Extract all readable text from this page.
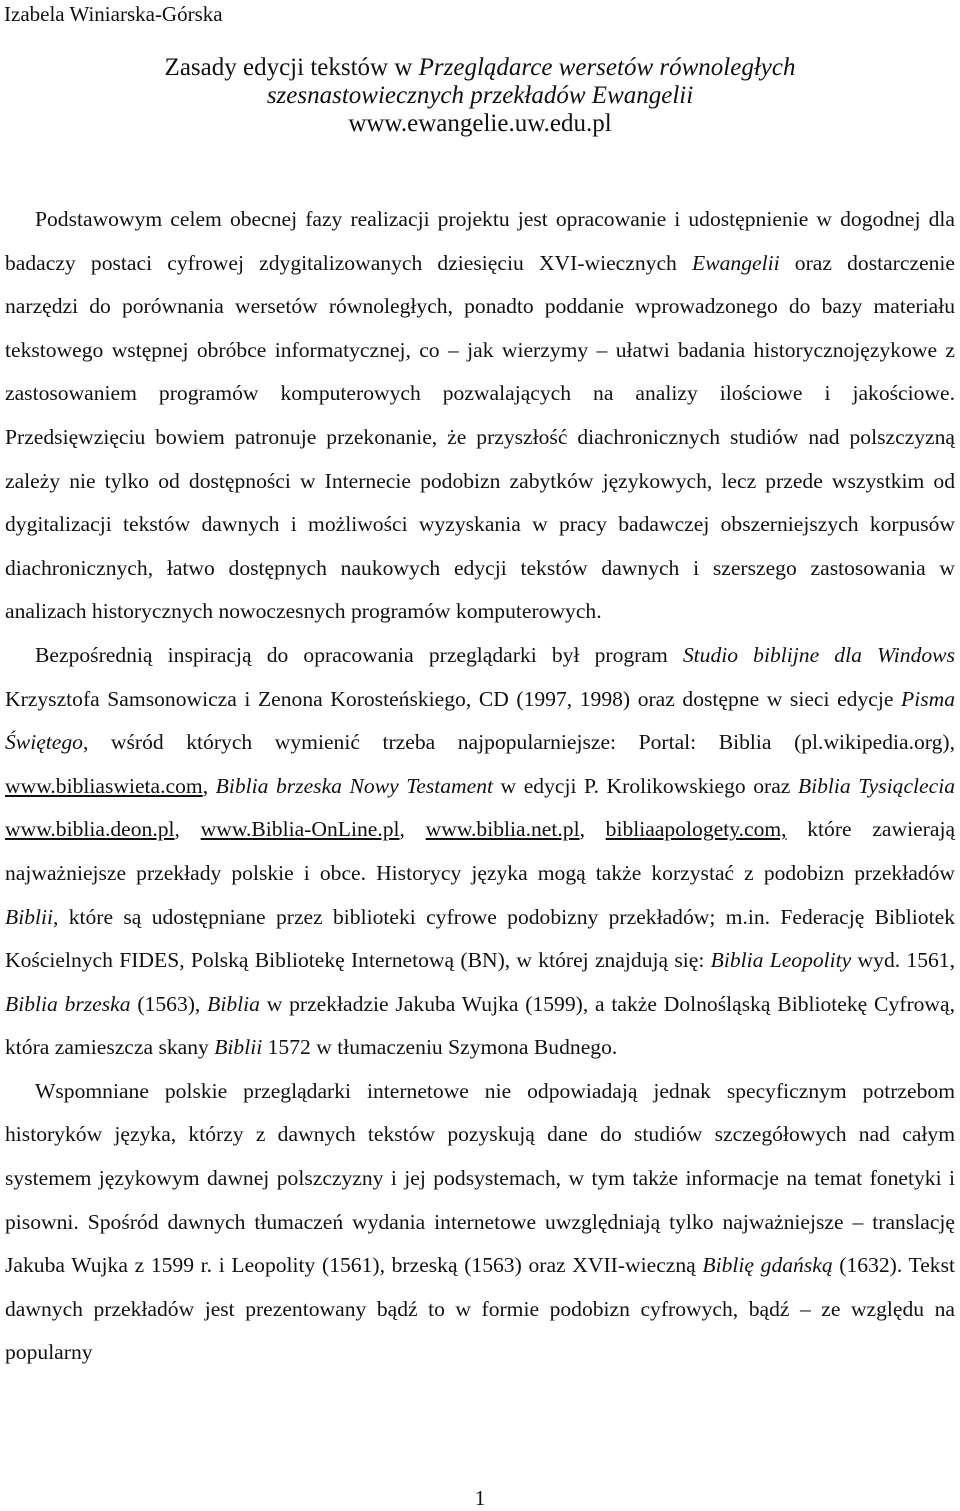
Izabela Winiarska-Górska

Zasady edycji tekstów w Przeglądarce wersetów równoległych

szesnastowiecznych przekładów Ewangelii

www.ewangelie.uw.edu.pl

Podstawowym celem obecnej fazy realizacji projektu jest opracowanie i udostępnienie w dogodnej dla badaczy postaci cyfrowej zdygitalizowanych dziesięciu XVI-wiecznych Ewangelii oraz dostarczenie narzędzi do porównania wersetów równoległych, ponadto poddanie wprowadzonego do bazy materiału tekstowego wstępnej obróbce informatycznej, co – jak wierzymy – ułatwi badania historycznojęzykowe z zastosowaniem programów komputerowych pozwalających na analizy ilościowe i jakościowe. Przedsięwzięciu bowiem patronuje przekonanie, że przyszłość diachronicznych studiów nad polszczyzną zależy nie tylko od dostępności w Internecie podobizn zabytków językowych, lecz przede wszystkim od dygitalizacji tekstów dawnych i możliwości wyzyskania w pracy badawczej obszerniejszych korpusów diachronicznych, łatwo dostępnych naukowych edycji tekstów dawnych i szerszego zastosowania w analizach historycznych nowoczesnych programów komputerowych.

Bezpośrednią inspiracją do opracowania przeglądarki był program Studio biblijne dla Windows Krzysztofa Samsonowicza i Zenona Korosteńskiego, CD (1997, 1998) oraz dostępne w sieci edycje Pisma Świętego, wśród których wymienić trzeba najpopularniejsze: Portal: Biblia (pl.wikipedia.org), www.bibliaswieta.com, Biblia brzeska Nowy Testament w edycji P. Krolikowskiego oraz Biblia Tysiąclecia www.biblia.deon.pl, www.Biblia-OnLine.pl, www.biblia.net.pl, bibliaapologety.com, które zawierają najważniejsze przekłady polskie i obce. Historycy języka mogą także korzystać z podobizn przekładów Biblii, które są udostępniane przez biblioteki cyfrowe podobizny przekładów; m.in. Federację Bibliotek Kościelnych FIDES, Polską Bibliotekę Internetową (BN), w której znajdują się: Biblia Leopolity wyd. 1561, Biblia brzeska (1563), Biblia w przekładzie Jakuba Wujka (1599), a także Dolnośląską Bibliotekę Cyfrową, która zamieszcza skany Biblii 1572 w tłumaczeniu Szymona Budnego.

Wspomniane polskie przeglądarki internetowe nie odpowiadają jednak specyficznym potrzebom historyków języka, którzy z dawnych tekstów pozyskują dane do studiów szczegółowych nad całym systemem językowym dawnej polszczyzny i jej podsystemach, w tym także informacje na temat fonetyki i pisowni. Spośród dawnych tłumaczeń wydania internetowe uwzględniają tylko najważniejsze – translację Jakuba Wujka z 1599 r. i Leopolity (1561), brzeską (1563) oraz XVII-wieczną Biblię gdańską (1632). Tekst dawnych przekładów jest prezentowany bądź to w formie podobizn cyfrowych, bądź – ze względu na popularny

1
